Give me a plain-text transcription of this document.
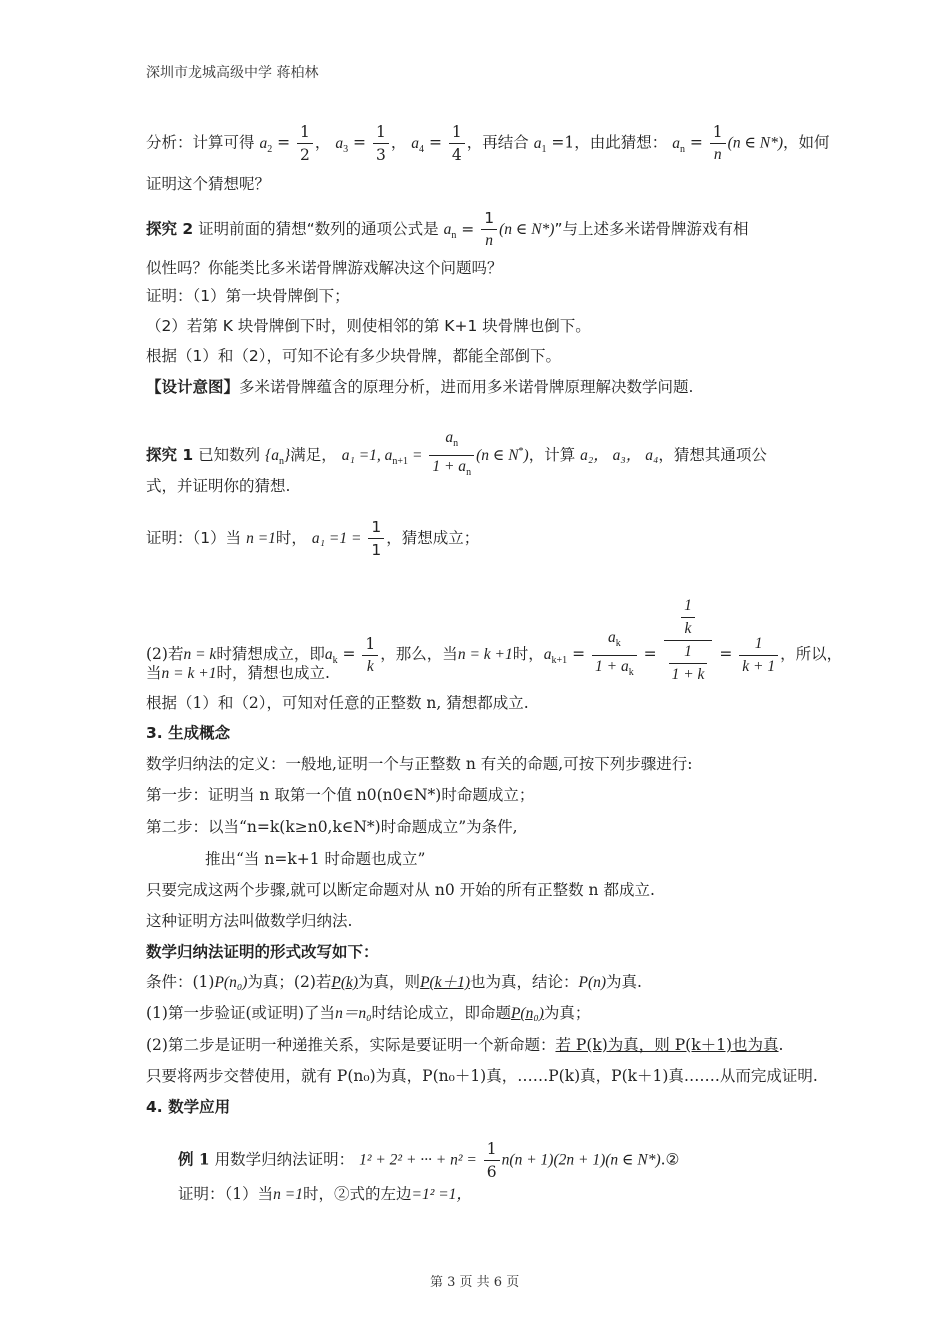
深圳市龙城高级中学 蒋柏林
分析：计算可得 $a_2 = \frac{1}{2}$ ， $a_3 = \frac{1}{3}$ ， $a_4 = \frac{1}{4}$ ，再结合 $a_1 =1$，由此猜想： $a_n = \frac{1}{n} (n$ ∈ N*)，如何
证明这个猜想呢？
探究 2 证明前面的猜想“数列的通项公式是 $a_n = \frac{1}{n} (n$ ∈ N*)”与上述多米诺骨牌游戏有相
似性吗？你能类比多米诺骨牌游戏解决这个问题吗？
证明：（1）第一块骨牌倒下；
（2）若第 K 块骨牌倒下时，则使相邻的第 K+1 块骨牌也倒下。
根据（1）和（2），可知不论有多少块骨牌，都能全部倒下。
【设计意图】多米诺骨牌蕴含的原理分析，进而用多米诺骨牌原理解决数学问题.
探究 1 已知数列 $\{a_n\}$满足， a₁ =1, $a_{n+1} = \frac{a_n}{1 + a_n} (n$ ∈ N*)，计算 a₂， a₃， a₄，猜想其通项公
式，并证明你的猜想.
证明：（1）当 n =1时， $a_1 =1 = \frac{1}{1}$ ，猜想成立；
(2)若n = k时猜想成立，即$a_k = \frac{1}{k}$ ，那么，当n = k +1时，$a_{k+1} = \frac{a_k}{1 + a_k} = \frac{\frac{1}{k}}{\frac{1}{1 + k}} = \frac{1}{k + 1}$ ，所以，
当n = k +1时，猜想也成立.
根据（1）和（2），可知对任意的正整数 n, 猜想都成立.
3. 生成概念
数学归纳法的定义：一般地,证明一个与正整数 n 有关的命题,可按下列步骤进行:
第一步：证明当 n 取第一个值 n0(n0∈N*)时命题成立；
第二步：以当“n=k(k≥n0,k∈N*)时命题成立”为条件,
推出“当 n=k+1 时命题也成立”
只要完成这两个步骤,就可以断定命题对从 n0 开始的所有正整数 n 都成立.
这种证明方法叫做数学归纳法.
数学归纳法证明的形式改写如下：
条件：(1)P(n₀)为真；(2)若P(k)为真，则P(k＋1)也为真，结论：P(n)为真.
(1)第一步验证(或证明)了当n＝n₀时结论成立，即命题P(n₀)为真；
(2)第二步是证明一种递推关系，实际是要证明一个新命题：若 P(k)为真，则 P(k＋1)也为真.
只要将两步交替使用，就有 P(n₀)为真，P(n₀＋1)真，……P(k)真，P(k＋1)真…….从而完成证明.
4. 数学应用
例 1 用数学归纳法证明： 1² + 2² + ··· + $n^2 = \frac{1}{6} n(n + 1)(2n + 1)(n$ ∈ N*).②
证明：（1）当n =1时，②式的左边=1² =1，
第 3 页 共 6 页
